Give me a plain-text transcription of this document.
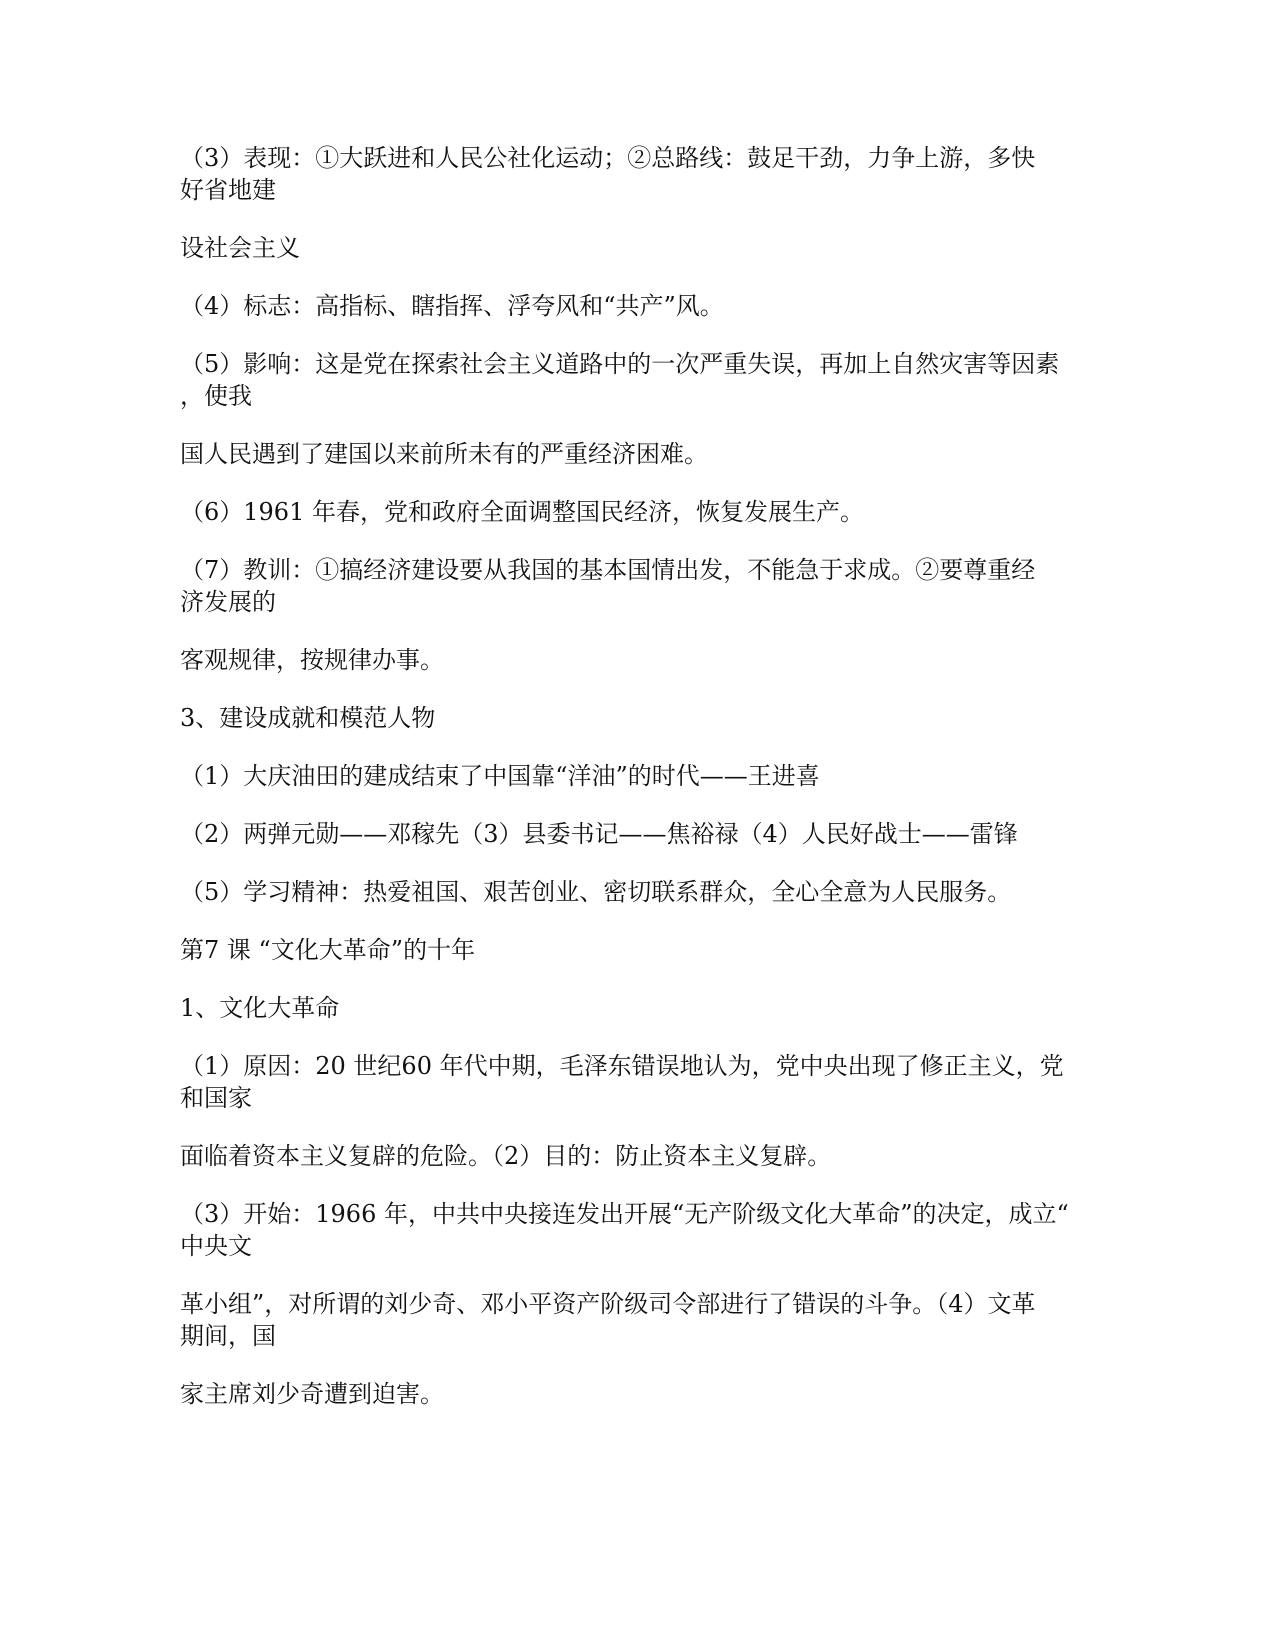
（3）表现：①大跃进和人民公社化运动；②总路线：鼓足干劲，力争上游，多快
好省地建
设社会主义
（4）标志：高指标、瞎指挥、浮夸风和“共产”风。
（5）影响：这是党在探索社会主义道路中的一次严重失误，再加上自然灾害等因素
，使我
国人民遇到了建国以来前所未有的严重经济困难。
（6）1961 年春，党和政府全面调整国民经济，恢复发展生产。
（7）教训：①搞经济建设要从我国的基本国情出发，不能急于求成。②要尊重经
济发展的
客观规律，按规律办事。
3、建设成就和模范人物
（1）大庆油田的建成结束了中国靠“洋油”的时代——王进喜
（2）两弹元勋——邓稼先（3）县委书记——焦裕禄（4）人民好战士——雷锋
（5）学习精神：热爱祖国、艰苦创业、密切联系群众，全心全意为人民服务。
第7 课 “文化大革命”的十年
1、文化大革命
（1）原因：20 世纪60 年代中期，毛泽东错误地认为，党中央出现了修正主义，党
和国家
面临着资本主义复辟的危险。（2）目的：防止资本主义复辟。
（3）开始：1966 年，中共中央接连发出开展“无产阶级文化大革命”的决定，成立“
中央文
革小组”，对所谓的刘少奇、邓小平资产阶级司令部进行了错误的斗争。（4）文革
期间，国
家主席刘少奇遭到迫害。
